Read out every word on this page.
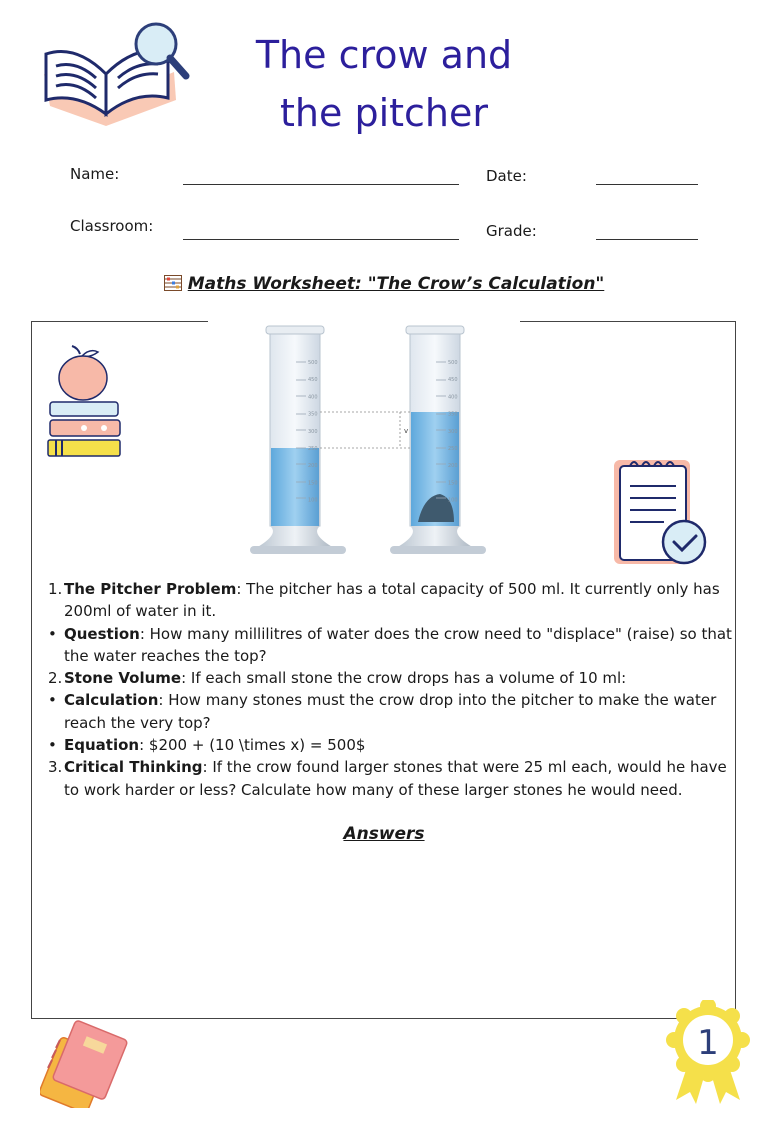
The crow and
the pitcher
Name:	Date:
Classroom:	Grade:
Maths Worksheet: "The Crow’s Calculation"
500
450
400
350
300
250
200
150
100
500
450
400
350
300
250
200
150
100
v
1. The Pitcher Problem: The pitcher has a total capacity of 500 ml. It currently only has 200ml of water in it.
• Question: How many millilitres of water does the crow need to "displace" (raise) so that the water reaches the top?
2. Stone Volume: If each small stone the crow drops has a volume of 10 ml:
• Calculation: How many stones must the crow drop into the pitcher to make the water reach the very top?
• Equation: $200 + (10 \times x) = 500$
3. Critical Thinking: If the crow found larger stones that were 25 ml each, would he have to work harder or less? Calculate how many of these larger stones he would need.
Answers
1
